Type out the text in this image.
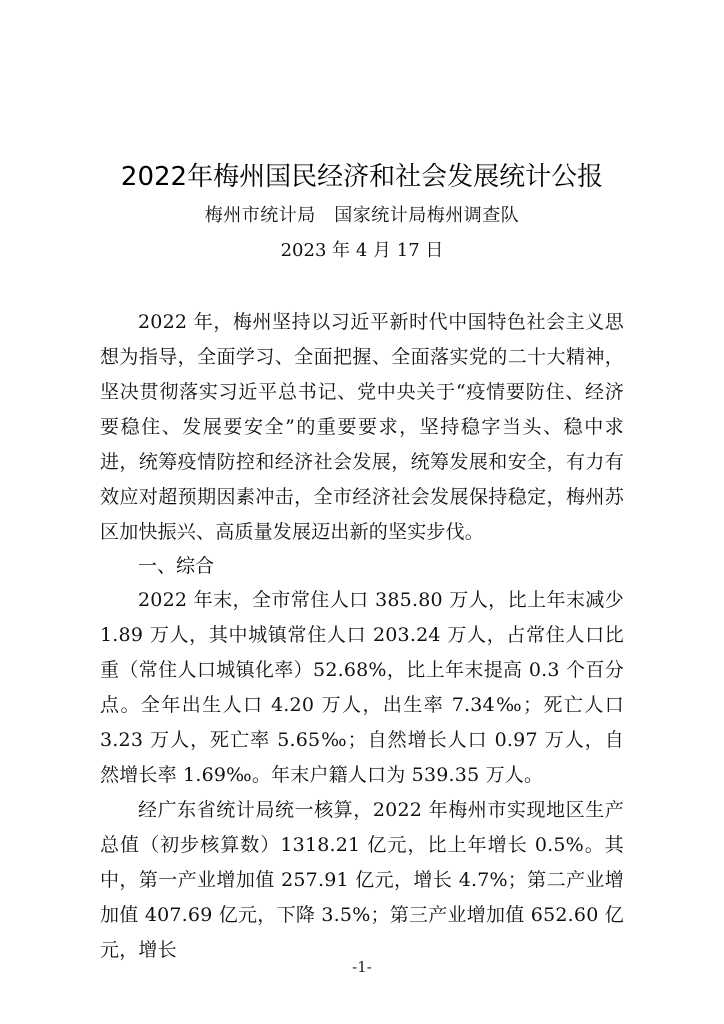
2022年梅州国民经济和社会发展统计公报
梅州市统计局　国家统计局梅州调查队
2023 年 4 月 17 日

2022 年，梅州坚持以习近平新时代中国特色社会主义思想为指导，全面学习、全面把握、全面落实党的二十大精神，坚决贯彻落实习近平总书记、党中央关于“疫情要防住、经济要稳住、发展要安全”的重要要求，坚持稳字当头、稳中求进，统筹疫情防控和经济社会发展，统筹发展和安全，有力有效应对超预期因素冲击，全市经济社会发展保持稳定，梅州苏区加快振兴、高质量发展迈出新的坚实步伐。

一、综合

2022 年末，全市常住人口 385.80 万人，比上年末减少 1.89 万人，其中城镇常住人口 203.24 万人，占常住人口比重（常住人口城镇化率）52.68%，比上年末提高 0.3 个百分点。全年出生人口 4.20 万人，出生率 7.34‰；死亡人口 3.23 万人，死亡率 5.65‰；自然增长人口 0.97 万人，自然增长率 1.69‰。年末户籍人口为 539.35 万人。

经广东省统计局统一核算，2022 年梅州市实现地区生产总值（初步核算数）1318.21 亿元，比上年增长 0.5%。其中，第一产业增加值 257.91 亿元，增长 4.7%；第二产业增加值 407.69 亿元，下降 3.5%；第三产业增加值 652.60 亿元，增长

-1-
